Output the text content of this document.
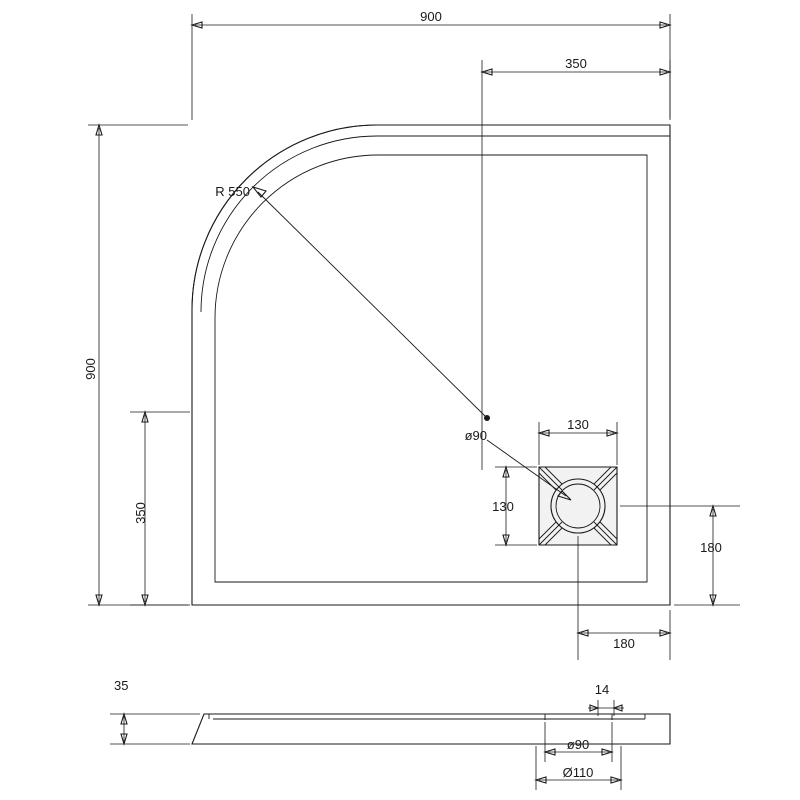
900
350
900
350
R 550
ø90
130
130
180
180
35	14
ø90
Ø110
